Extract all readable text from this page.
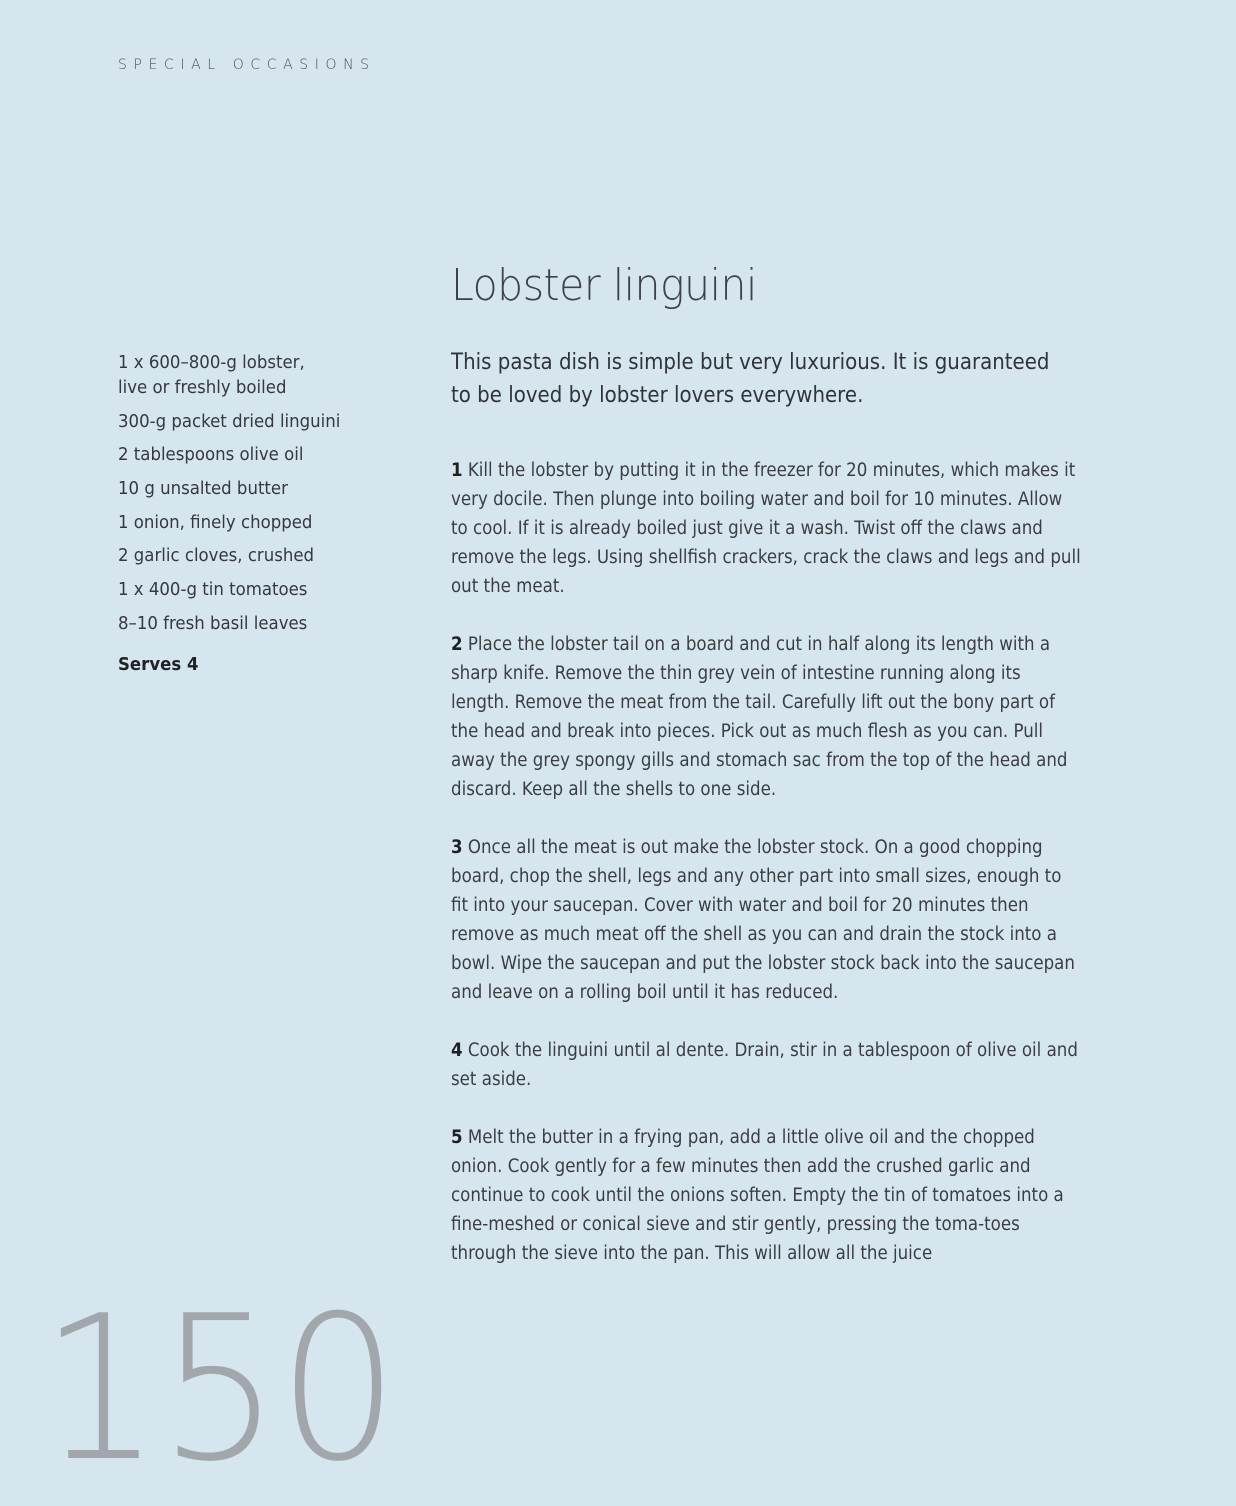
SPECIAL OCCASIONS
Lobster linguini

This pasta dish is simple but very luxurious. It is guaranteed to be loved by lobster lovers everywhere.

1 x 600–800-g lobster, live or freshly boiled
300-g packet dried linguini
2 tablespoons olive oil
10 g unsalted butter
1 onion, finely chopped
2 garlic cloves, crushed
1 x 400-g tin tomatoes
8–10 fresh basil leaves
Serves 4

1 Kill the lobster by putting it in the freezer for 20 minutes, which makes it very docile. Then plunge into boiling water and boil for 10 minutes. Allow to cool. If it is already boiled just give it a wash. Twist off the claws and remove the legs. Using shellfish crackers, crack the claws and legs and pull out the meat.

2 Place the lobster tail on a board and cut in half along its length with a sharp knife. Remove the thin grey vein of intestine running along its length. Remove the meat from the tail. Carefully lift out the bony part of the head and break into pieces. Pick out as much flesh as you can. Pull away the grey spongy gills and stomach sac from the top of the head and discard. Keep all the shells to one side.

3 Once all the meat is out make the lobster stock. On a good chopping board, chop the shell, legs and any other part into small sizes, enough to fit into your saucepan. Cover with water and boil for 20 minutes then remove as much meat off the shell as you can and drain the stock into a bowl. Wipe the saucepan and put the lobster stock back into the saucepan and leave on a rolling boil until it has reduced.

4 Cook the linguini until al dente. Drain, stir in a tablespoon of olive oil and set aside.

5 Melt the butter in a frying pan, add a little olive oil and the chopped onion. Cook gently for a few minutes then add the crushed garlic and continue to cook until the onions soften. Empty the tin of tomatoes into a fine-meshed or conical sieve and stir gently, pressing the toma-toes through the sieve into the pan. This will allow all the juice

150
